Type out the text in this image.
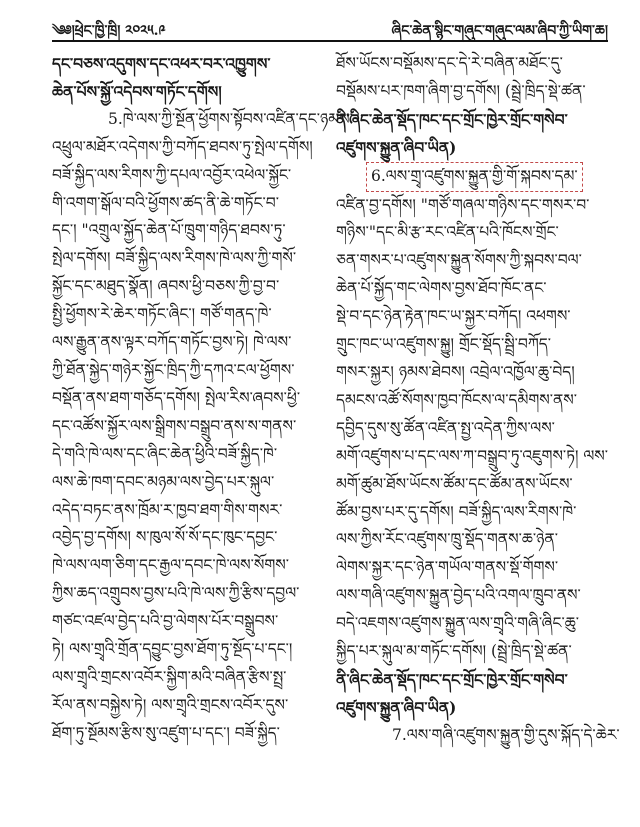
༄༅།ཕྲེང་ཁྱི་ཁྲི། ༢༠༢༥.༩	ཞིང་ཆེན་སྙིང་གཞུང་གཞུང་ལམ་ཞིབ་ཀྱི་ཡིག་ཆ།

དང་བཅས་འདུགས་དང་འཕར་བར་འཁྱུགས་

ཆེན་པོས་སྐྱོ་འདེབས་གཏོང་དགོས།

5.ཁེ་ལས་ཀྱི་སྔོན་ཕྱོགས་སྟོབས་འཛིན་དང་ཉམས་

འཕྲུལ་མཐོར་འདེགས་ཀྱི་བཀོད་ཐབས་ཏུ་སྤེལ་དགོས།

བཟོ་སྐྱིད་ལས་རིགས་ཀྱི་དཔལ་འབྱོར་འཕེལ་སྐྱོང་

གི་འགག་སྒོལ་བའི་ཕྱོགས་ཚད་ནི་ཆེ་གཏོང་བ་

དང་། "འགྲུལ་སྐྱོད་ཆེན་པོ་ཁྲུག་གཉིད་ཐབས་ཏུ་

སྤེལ་དགོས། བཟོ་སྐྱིད་ལས་རིགས་ཁེ་ལས་ཀྱི་གསོ་

སྐྱོང་དང་མཐུད་སྣོན། ཞབས་ཕྱི་བཅས་ཀྱི་བྱ་བ་

སྤྱི་ཕྱོགས་རེ་ཆེར་གཏོང་ཞིང་། གཙོ་གནད་ཁེ་

ལས་རྒྱུན་ནས་ལྟར་བཀོད་གཏོང་བྱས་ཏེ། ཁེ་ལས་

ཀྱི་ཐོན་སྐྱེད་གཉེར་སྐྱོང་ཁྲིད་ཀྱི་དཀའ་ངལ་ཕྱོགས་

བསྡོན་ནས་ཐག་གཅོད་དགོས། སྤེལ་རིས་ཞབས་ཕྱི་

དང་འཚོས་སྐྱོར་ལས་སྒྲིགས་བསྒྲུབ་ནས་ས་གནས་

དེ་གའི་ཁེ་ལས་དང་ཞིང་ཆེན་ཕྱིའི་བཟོ་སྐྱིད་ཁེ་

ལས་ཆེ་ཁག་དབང་མཉམ་ལས་བྱེད་པར་སྐུལ་

འདེད་བཏང་ནས་ཁྲོམ་ར་ཁྱབ་ཐག་གིས་གསར་

འབྱེད་བྱ་དགོས། ས་ཁུལ་སོ་སོ་དང་ཁུང་དབྱང་

ཁེ་ལས་ལག་ཅིག་དང་རྒྱལ་དབང་ཁེ་ལས་སོགས་

ཀྱིས་ཆད་འགྲུབས་བྱས་པའི་ཁེ་ལས་ཀྱི་རྩིས་དབྱལ་

གཙང་འཛལ་བྱེད་པའི་བྱ་ལེགས་པོར་བསྒྲུབས་

ཏེ། ལས་གྲྭའི་གྲོན་དབྱུང་བྱས་ཐོག་ཏུ་སྔོད་པ་དང་།

ལས་གྲྭའི་གྲངས་འབོར་སྐྱིག་མའི་བཞིན་རྩིས་སྤྲ་

རོལ་ནས་བསྐྱེས་ཏེ། ལས་གྲྭའི་གྲངས་འབོར་དུས་

ཐོག་ཏུ་སྔོམས་རྩིས་སུ་འཛུག་པ་དང་། བཟོ་སྐྱིད་

ཐོས་ཡོངས་བསྡོམས་དང་དེ་རེ་བཞིན་མཐོང་དུ་

བསྡོམས་པར་ཁག་ཞིག་བྱ་དགོས། (སྦྲེ་ཁྲིད་སྡེ་ཚན་

ནི་ཞིང་ཆེན་སྡོད་ཁང་དང་གྲོང་ཁྱེར་གྲོང་གསེབ་

འཛུགས་སྐྱུན་ཞིབ་ཡིན)

6.ལས་གྲྭ་འཛུགས་སྐྱུན་གྱི་གོ་སྐབས་དམ་

འཛིན་བྱ་དགོས། "གཙོ་གཞལ་གཉིས་དང་གསར་བ་

གཉིས་"དང་མི་རྩ་རང་འཛིན་པའི་ཁོངས་གྲོང་

ཅན་གསར་པ་འཛུགས་སྐྱུན་སོགས་ཀྱི་སྐབས་བལ་

ཆེན་པོ་སྐྱོད་གང་ལེགས་བྱས་ཐོབ་ཁོང་ནང་

སྡེ་བ་དང་ཉེན་རྟེན་ཁང་ཡ་སྐྱར་བཀོད། འཕགས་

གྲུང་ཁང་ཡ་འཛུགས་སྐྱུ། གྲོང་སྡོད་སྦྲི་བཀོད་

གསར་སྐྱར། ཉམས་ཐེབས། འབྲེལ་འཁྱོལ་ཆུ་བེད།

དམངས་འཚོ་སོགས་ཁྱབ་ཁོངས་ལ་དམིགས་ནས་

དབྱིད་དུས་སུ་ཚོན་འཛིན་སྤྱ་འདེན་ཀྱིས་ལས་

མགོ་འཛུགས་པ་དང་ལས་ཀ་བསྒྲུབ་ཏུ་འཇུགས་ཏེ། ལས་

མགོ་ཚུམ་ཐོས་ཡོངས་ཚོམ་དང་ཚོམ་ནས་ཡོངས་

ཚོམ་བྱས་པར་དུ་དགོས། བཟོ་སྐྱིད་ལས་རིགས་ཁེ་

ལས་ཀྱིས་རོང་འཛུགས་ཁྲུ་སྡོད་གནས་ཆ་ཉེན་

ལེགས་སྐྱར་དང་ཉེན་གཡོལ་གནས་སྡོ་གོགས་

ལས་གཞི་འཛུགས་སྐྱུན་བྱེད་པའི་འགལ་ཁྲུབ་ནས་

བདེ་འཇགས་འཛུགས་སྐྱུན་ལས་གྲྭའི་གཞི་ཞིང་ཆུ་

སྐྱིད་པར་སྐུལ་མ་གཏོང་དགོས། (སྦྲེ་ཁྲིད་སྡེ་ཚན་

ནི་ཞིང་ཆེན་སྡོད་ཁང་དང་གྲོང་ཁྱེར་གྲོང་གསེབ་

འཛུགས་སྐྱུན་ཞིབ་ཡིན)

7.ལས་གཞི་འཛུགས་སྐྱུན་གྱི་དུས་སྐོད་དེ་ཆེར་
